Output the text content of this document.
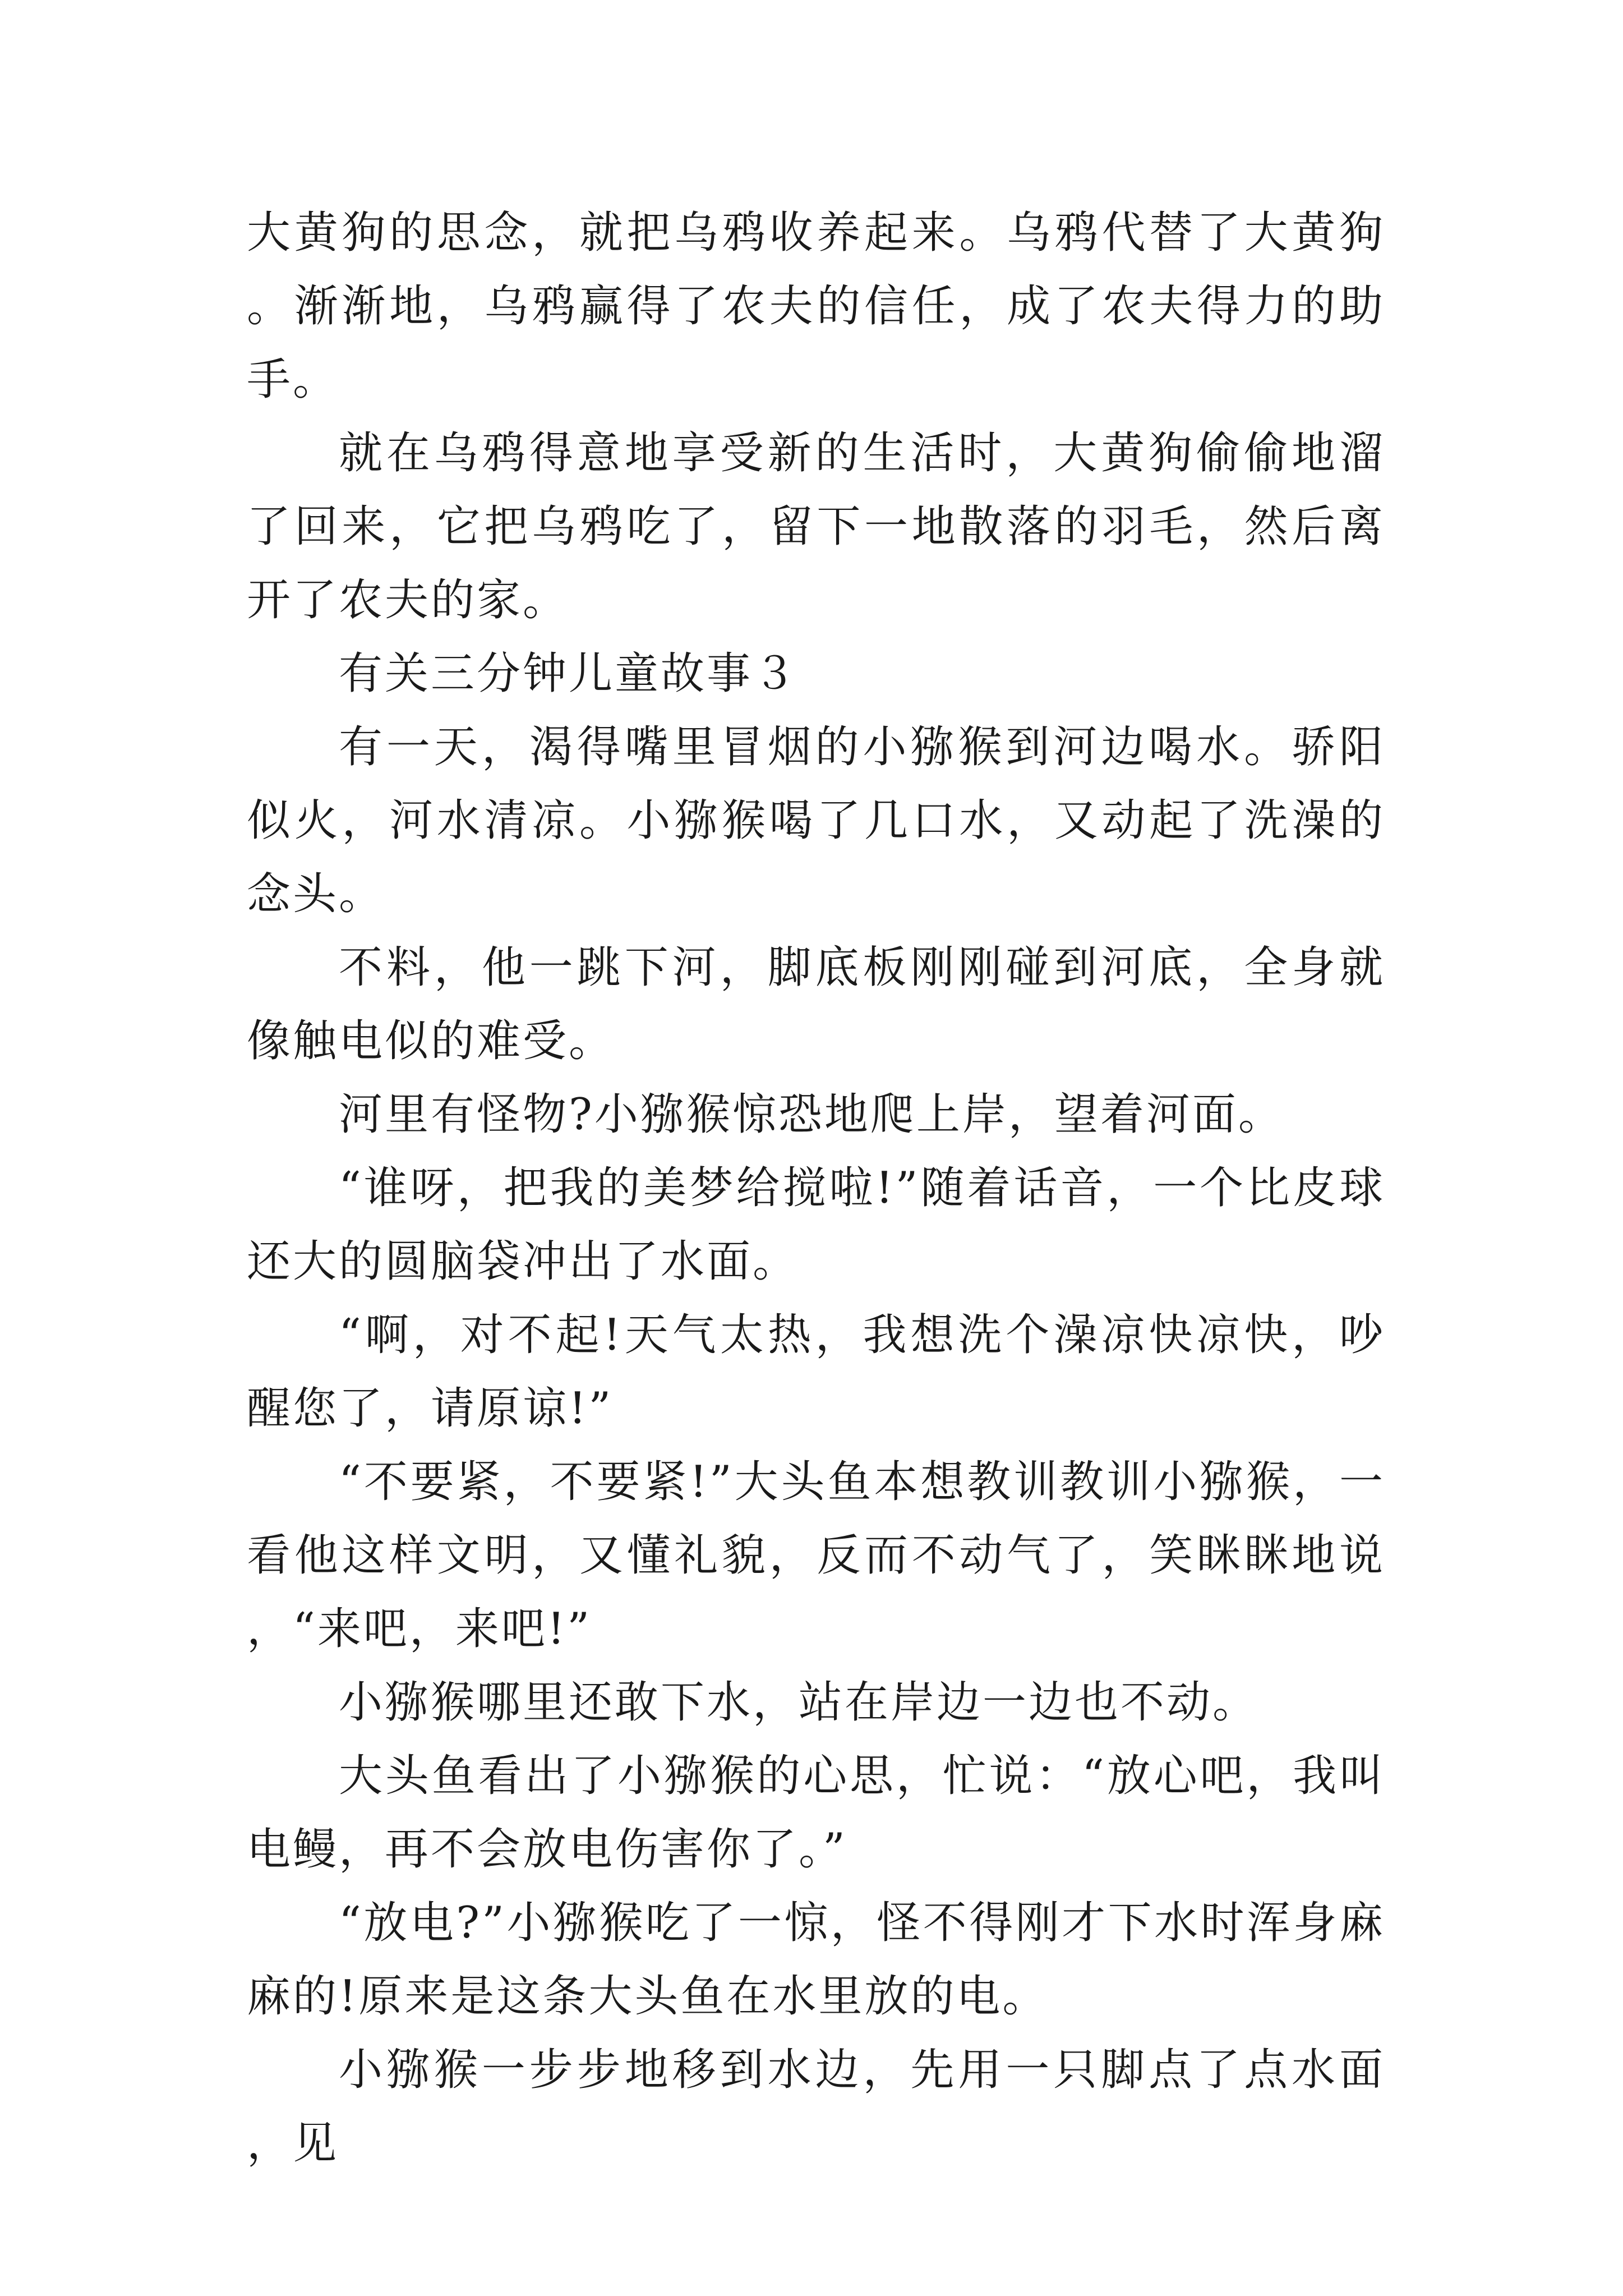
大黄狗的思念，就把乌鸦收养起来。乌鸦代替了大黄狗。渐渐地，乌鸦赢得了农夫的信任，成了农夫得力的助手。

就在乌鸦得意地享受新的生活时，大黄狗偷偷地溜了回来，它把乌鸦吃了，留下一地散落的羽毛，然后离开了农夫的家。

有关三分钟儿童故事３

有一天，渴得嘴里冒烟的小猕猴到河边喝水。骄阳似火，河水清凉。小猕猴喝了几口水，又动起了洗澡的念头。

不料，他一跳下河，脚底板刚刚碰到河底，全身就像触电似的难受。

河里有怪物?小猕猴惊恐地爬上岸，望着河面。

“谁呀，把我的美梦给搅啦!”随着话音，一个比皮球还大的圆脑袋冲出了水面。

“啊，对不起!天气太热，我想洗个澡凉快凉快，吵醒您了，请原谅!”

“不要紧，不要紧!”大头鱼本想教训教训小猕猴，一看他这样文明，又懂礼貌，反而不动气了，笑眯眯地说，“来吧，来吧!”

小猕猴哪里还敢下水，站在岸边一边也不动。

大头鱼看出了小猕猴的心思，忙说：“放心吧，我叫电鳗，再不会放电伤害你了。”

“放电?”小猕猴吃了一惊，怪不得刚才下水时浑身麻麻的!原来是这条大头鱼在水里放的电。

小猕猴一步步地移到水边，先用一只脚点了点水面，见
